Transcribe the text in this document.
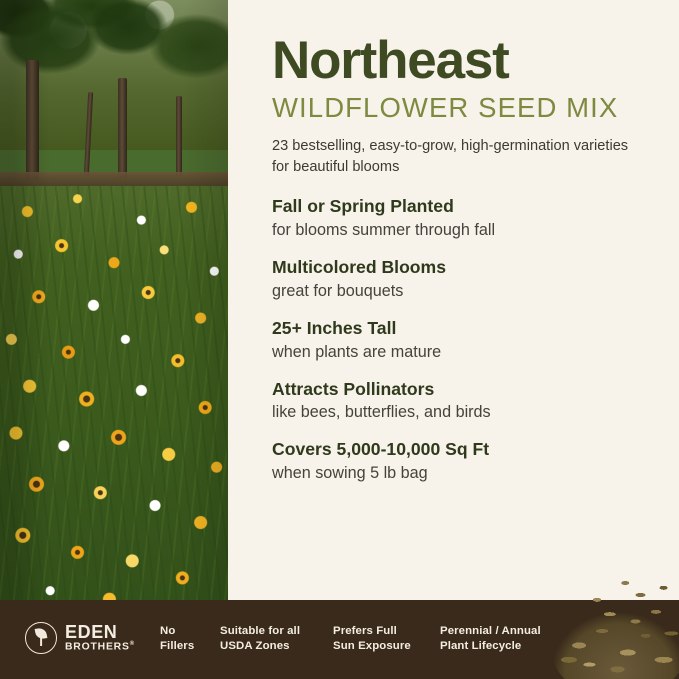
Northeast
WILDFLOWER SEED MIX
23 bestselling, easy-to-grow, high-germination varieties for beautiful blooms
Fall or Spring Planted
for blooms summer through fall
Multicolored Blooms
great for bouquets
25+ Inches Tall
when plants are mature
Attracts Pollinators
like bees, butterflies, and birds
Covers 5,000-10,000 Sq Ft
when sowing 5 lb bag
EDEN
BROTHERS®
No
Fillers
Suitable for all
USDA Zones
Prefers Full
Sun Exposure
Perennial / Annual
Plant Lifecycle
